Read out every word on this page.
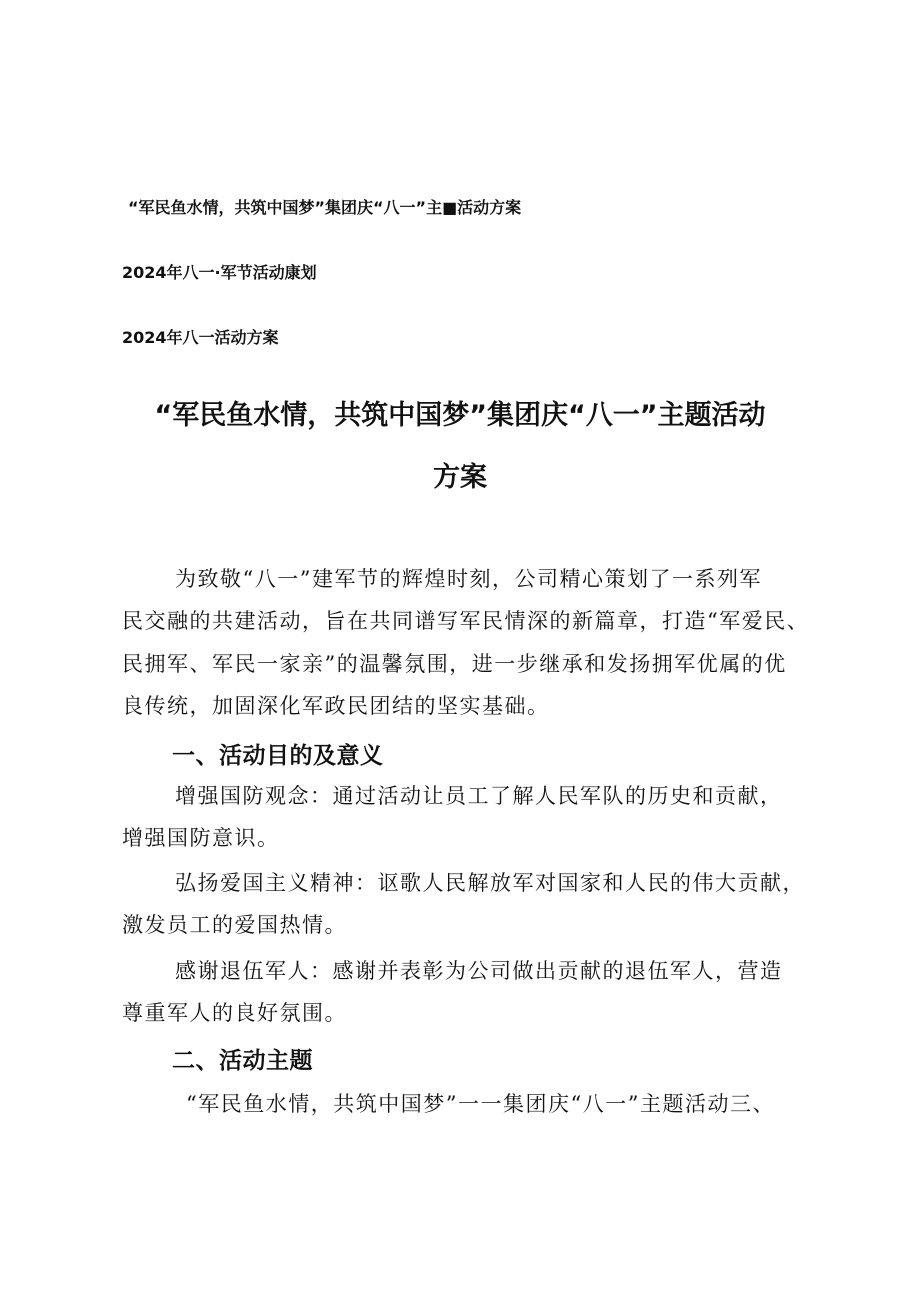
“军民鱼水情，共筑中国梦”集团庆“八一”主■活动方案
2024年八一·军节活动康划
2024年八一活动方案
“军民鱼水情，共筑中国梦”集团庆“八一”主题活动
方案
为致敬“八一”建军节的辉煌时刻，公司精心策划了一系列军
民交融的共建活动，旨在共同谱写军民情深的新篇章，打造“军爱民、
民拥军、军民一家亲”的温馨氛围，进一步继承和发扬拥军优属的优
良传统，加固深化军政民团结的坚实基础。
一、活动目的及意义
增强国防观念：通过活动让员工了解人民军队的历史和贡献，
增强国防意识。
弘扬爱国主义精神：讴歌人民解放军对国家和人民的伟大贡献，
激发员工的爱国热情。
感谢退伍军人：感谢并表彰为公司做出贡献的退伍军人，营造
尊重军人的良好氛围。
二、活动主题
“军民鱼水情，共筑中国梦”一一集团庆“八一”主题活动三、
